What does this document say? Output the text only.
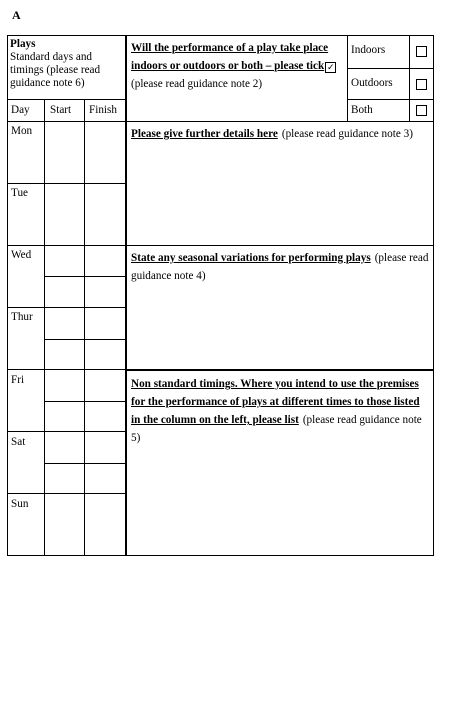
A
Plays
Standard days and timings (please read guidance note 6)
Will the performance of a play take place indoors or outdoors or both – please tick ✓(please read guidance note 2)
Indoors
Outdoors
Both
Day Start Finish
Mon
Tue
Wed
Thur
Fri
Sat
Sun
Please give further details here (please read guidance note 3)
State any seasonal variations for performing plays (please read guidance note 4)
Non standard timings. Where you intend to use the premises for the performance of plays at different times to those listed in the column on the left, please list (please read guidance note 5)
